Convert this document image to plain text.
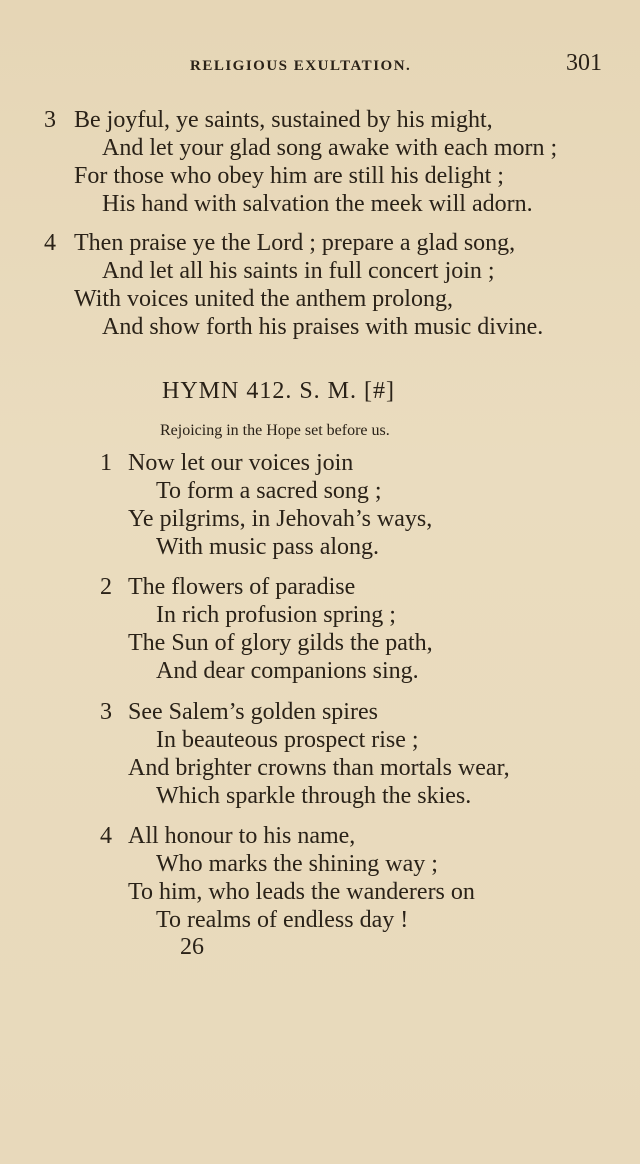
RELIGIOUS EXULTATION.	301
3 Be joyful, ye saints, sustained by his might,
And let your glad song awake with each morn ;
For those who obey him are still his delight ;
His hand with salvation the meek will adorn.
4 Then praise ye the Lord ; prepare a glad song,
And let all his saints in full concert join ;
With voices united the anthem prolong,
And show forth his praises with music divine.
HYMN 412. S. M. [#]
Rejoicing in the Hope set before us.
1 Now let our voices join
To form a sacred song ;
Ye pilgrims, in Jehovah’s ways,
With music pass along.
2 The flowers of paradise
In rich profusion spring ;
The Sun of glory gilds the path,
And dear companions sing.
3 See Salem’s golden spires
In beauteous prospect rise ;
And brighter crowns than mortals wear,
Which sparkle through the skies.
4 All honour to his name,
Who marks the shining way ;
To him, who leads the wanderers on
To realms of endless day !
26
